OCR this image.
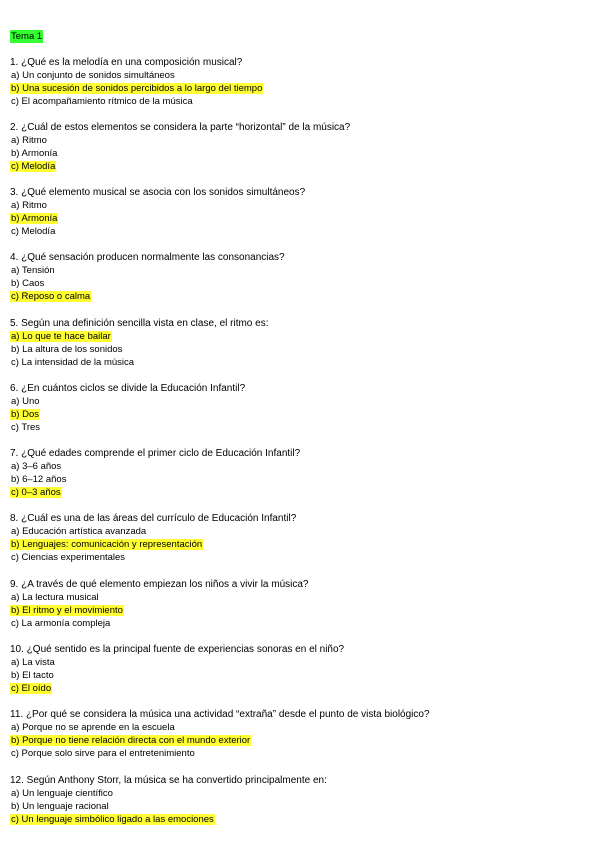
Tema 1
1. ¿Qué es la melodía en una composición musical?
a) Un conjunto de sonidos simultáneos
b) Una sucesión de sonidos percibidos a lo largo del tiempo
c) El acompañamiento rítmico de la música
2. ¿Cuál de estos elementos se considera la parte “horizontal” de la música?
a) Ritmo
b) Armonía
c) Melodía
3. ¿Qué elemento musical se asocia con los sonidos simultáneos?
a) Ritmo
b) Armonía
c) Melodía
4. ¿Qué sensación producen normalmente las consonancias?
a) Tensión
b) Caos
c) Reposo o calma
5. Según una definición sencilla vista en clase, el ritmo es:
a) Lo que te hace bailar
b) La altura de los sonidos
c) La intensidad de la música
6. ¿En cuántos ciclos se divide la Educación Infantil?
a) Uno
b) Dos
c) Tres
7. ¿Qué edades comprende el primer ciclo de Educación Infantil?
a) 3–6 años
b) 6–12 años
c) 0–3 años
8. ¿Cuál es una de las áreas del currículo de Educación Infantil?
a) Educación artística avanzada
b) Lenguajes: comunicación y representación
c) Ciencias experimentales
9. ¿A través de qué elemento empiezan los niños a vivir la música?
a) La lectura musical
b) El ritmo y el movimiento
c) La armonía compleja
10. ¿Qué sentido es la principal fuente de experiencias sonoras en el niño?
a) La vista
b) El tacto
c) El oído
11. ¿Por qué se considera la música una actividad “extraña” desde el punto de vista biológico?
a) Porque no se aprende en la escuela
b) Porque no tiene relación directa con el mundo exterior
c) Porque solo sirve para el entretenimiento
12. Según Anthony Storr, la música se ha convertido principalmente en:
a) Un lenguaje científico
b) Un lenguaje racional
c) Un lenguaje simbólico ligado a las emociones
